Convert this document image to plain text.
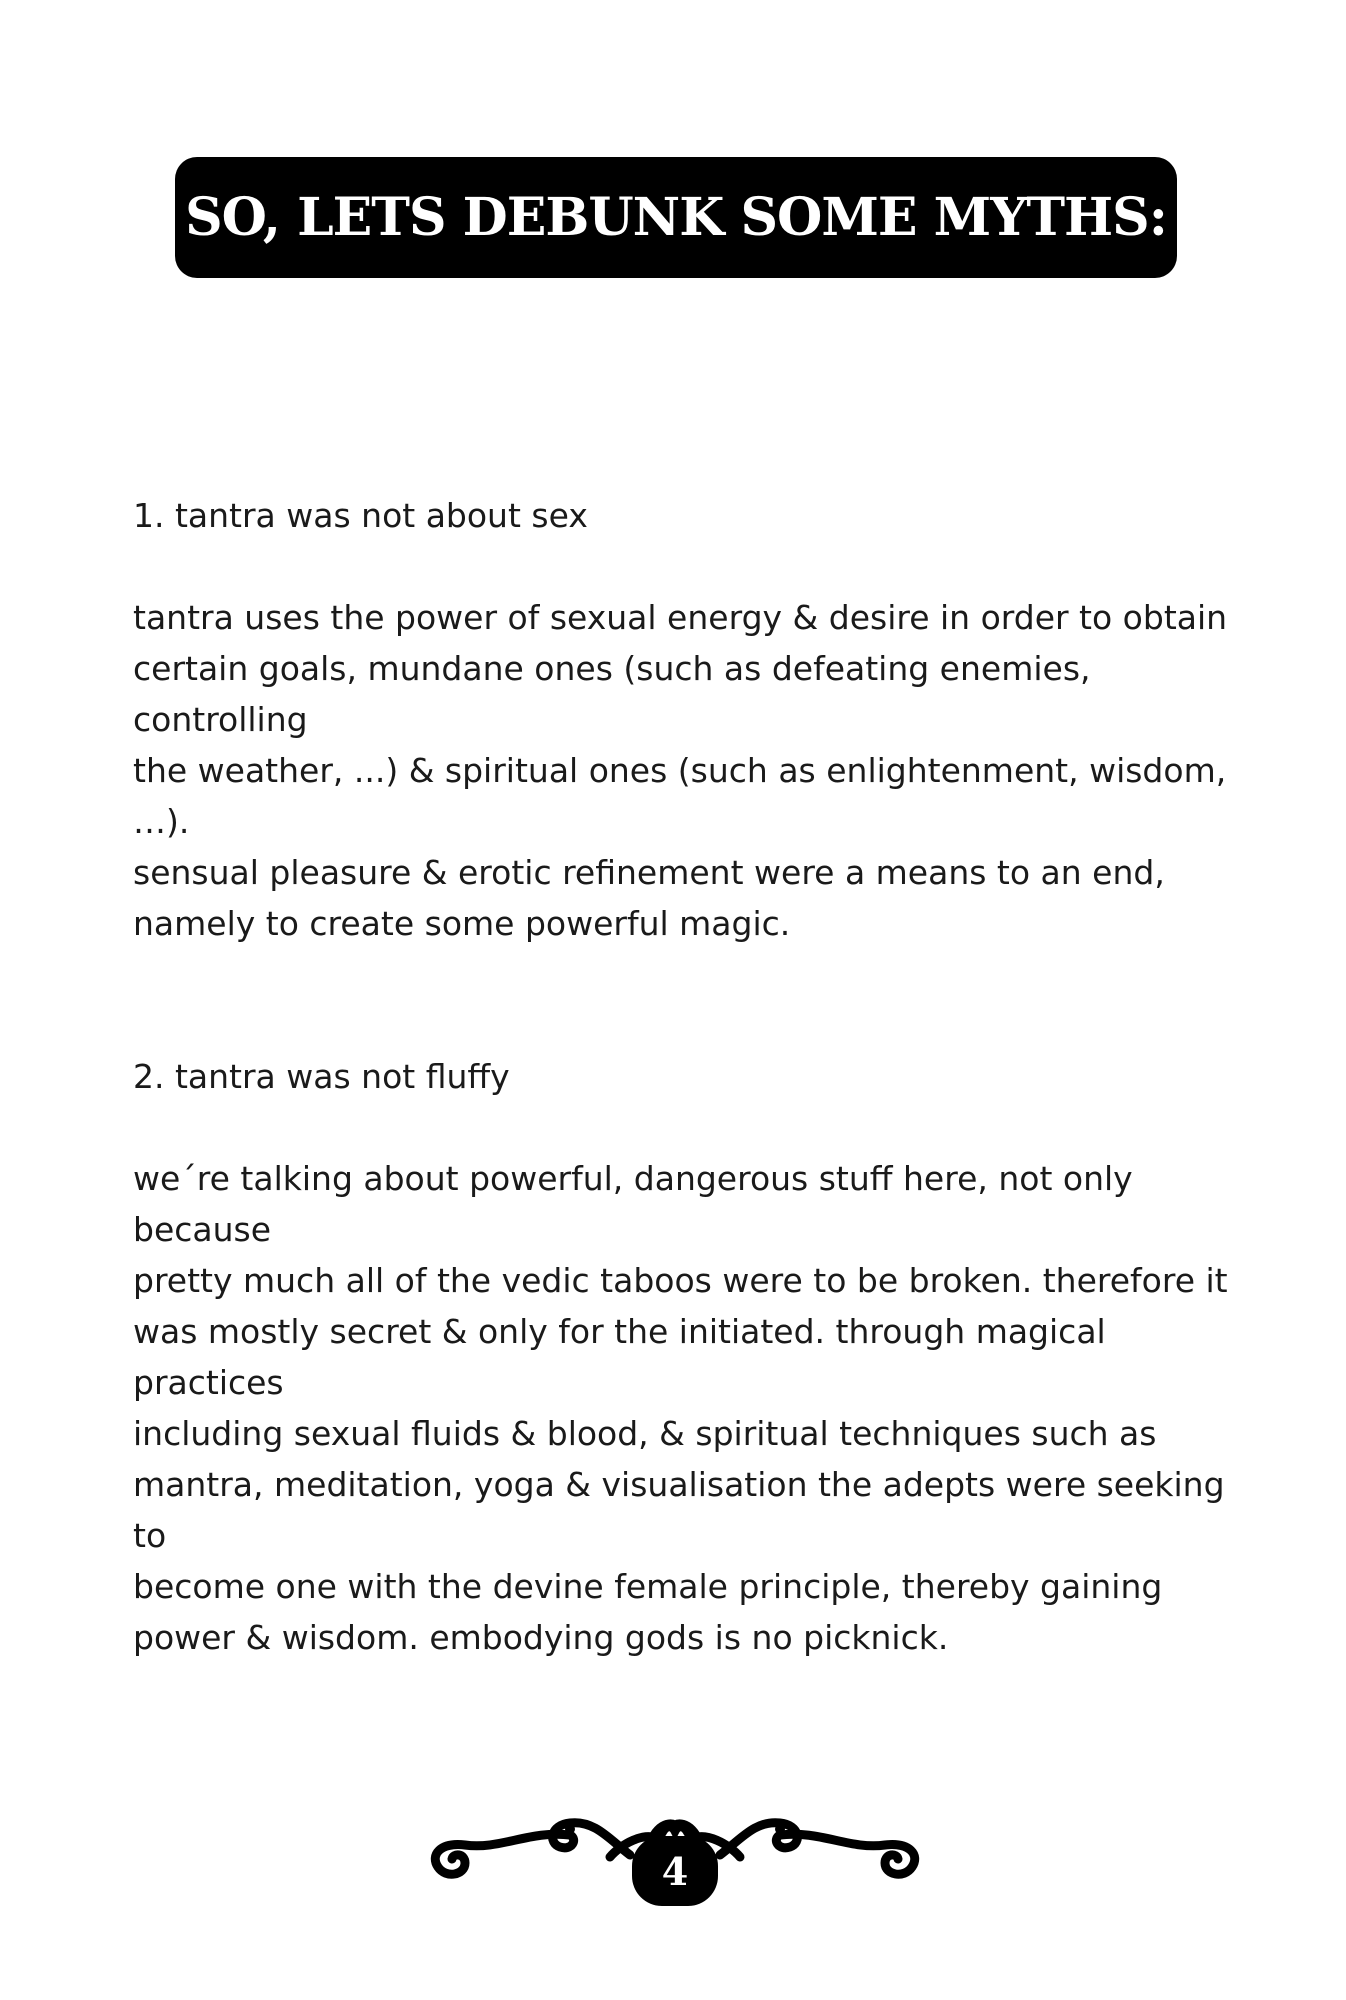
SO, LETS DEBUNK SOME MYTHS:

1. tantra was not about sex

tantra uses the power of sexual energy & desire in order to obtain
certain goals, mundane ones (such as defeating enemies, controlling
the weather, ...) & spiritual ones (such as enlightenment, wisdom, …).
sensual pleasure & erotic refinement were a means to an end,
namely to create some powerful magic.

2. tantra was not fluffy

we´re talking about powerful, dangerous stuff here, not only because
pretty much all of the vedic taboos were to be broken. therefore it
was mostly secret & only for the initiated. through magical practices
including sexual fluids & blood, & spiritual techniques such as
mantra, meditation, yoga & visualisation the adepts were seeking to
become one with the devine female principle, thereby gaining
power & wisdom. embodying gods is no picknick.
4
